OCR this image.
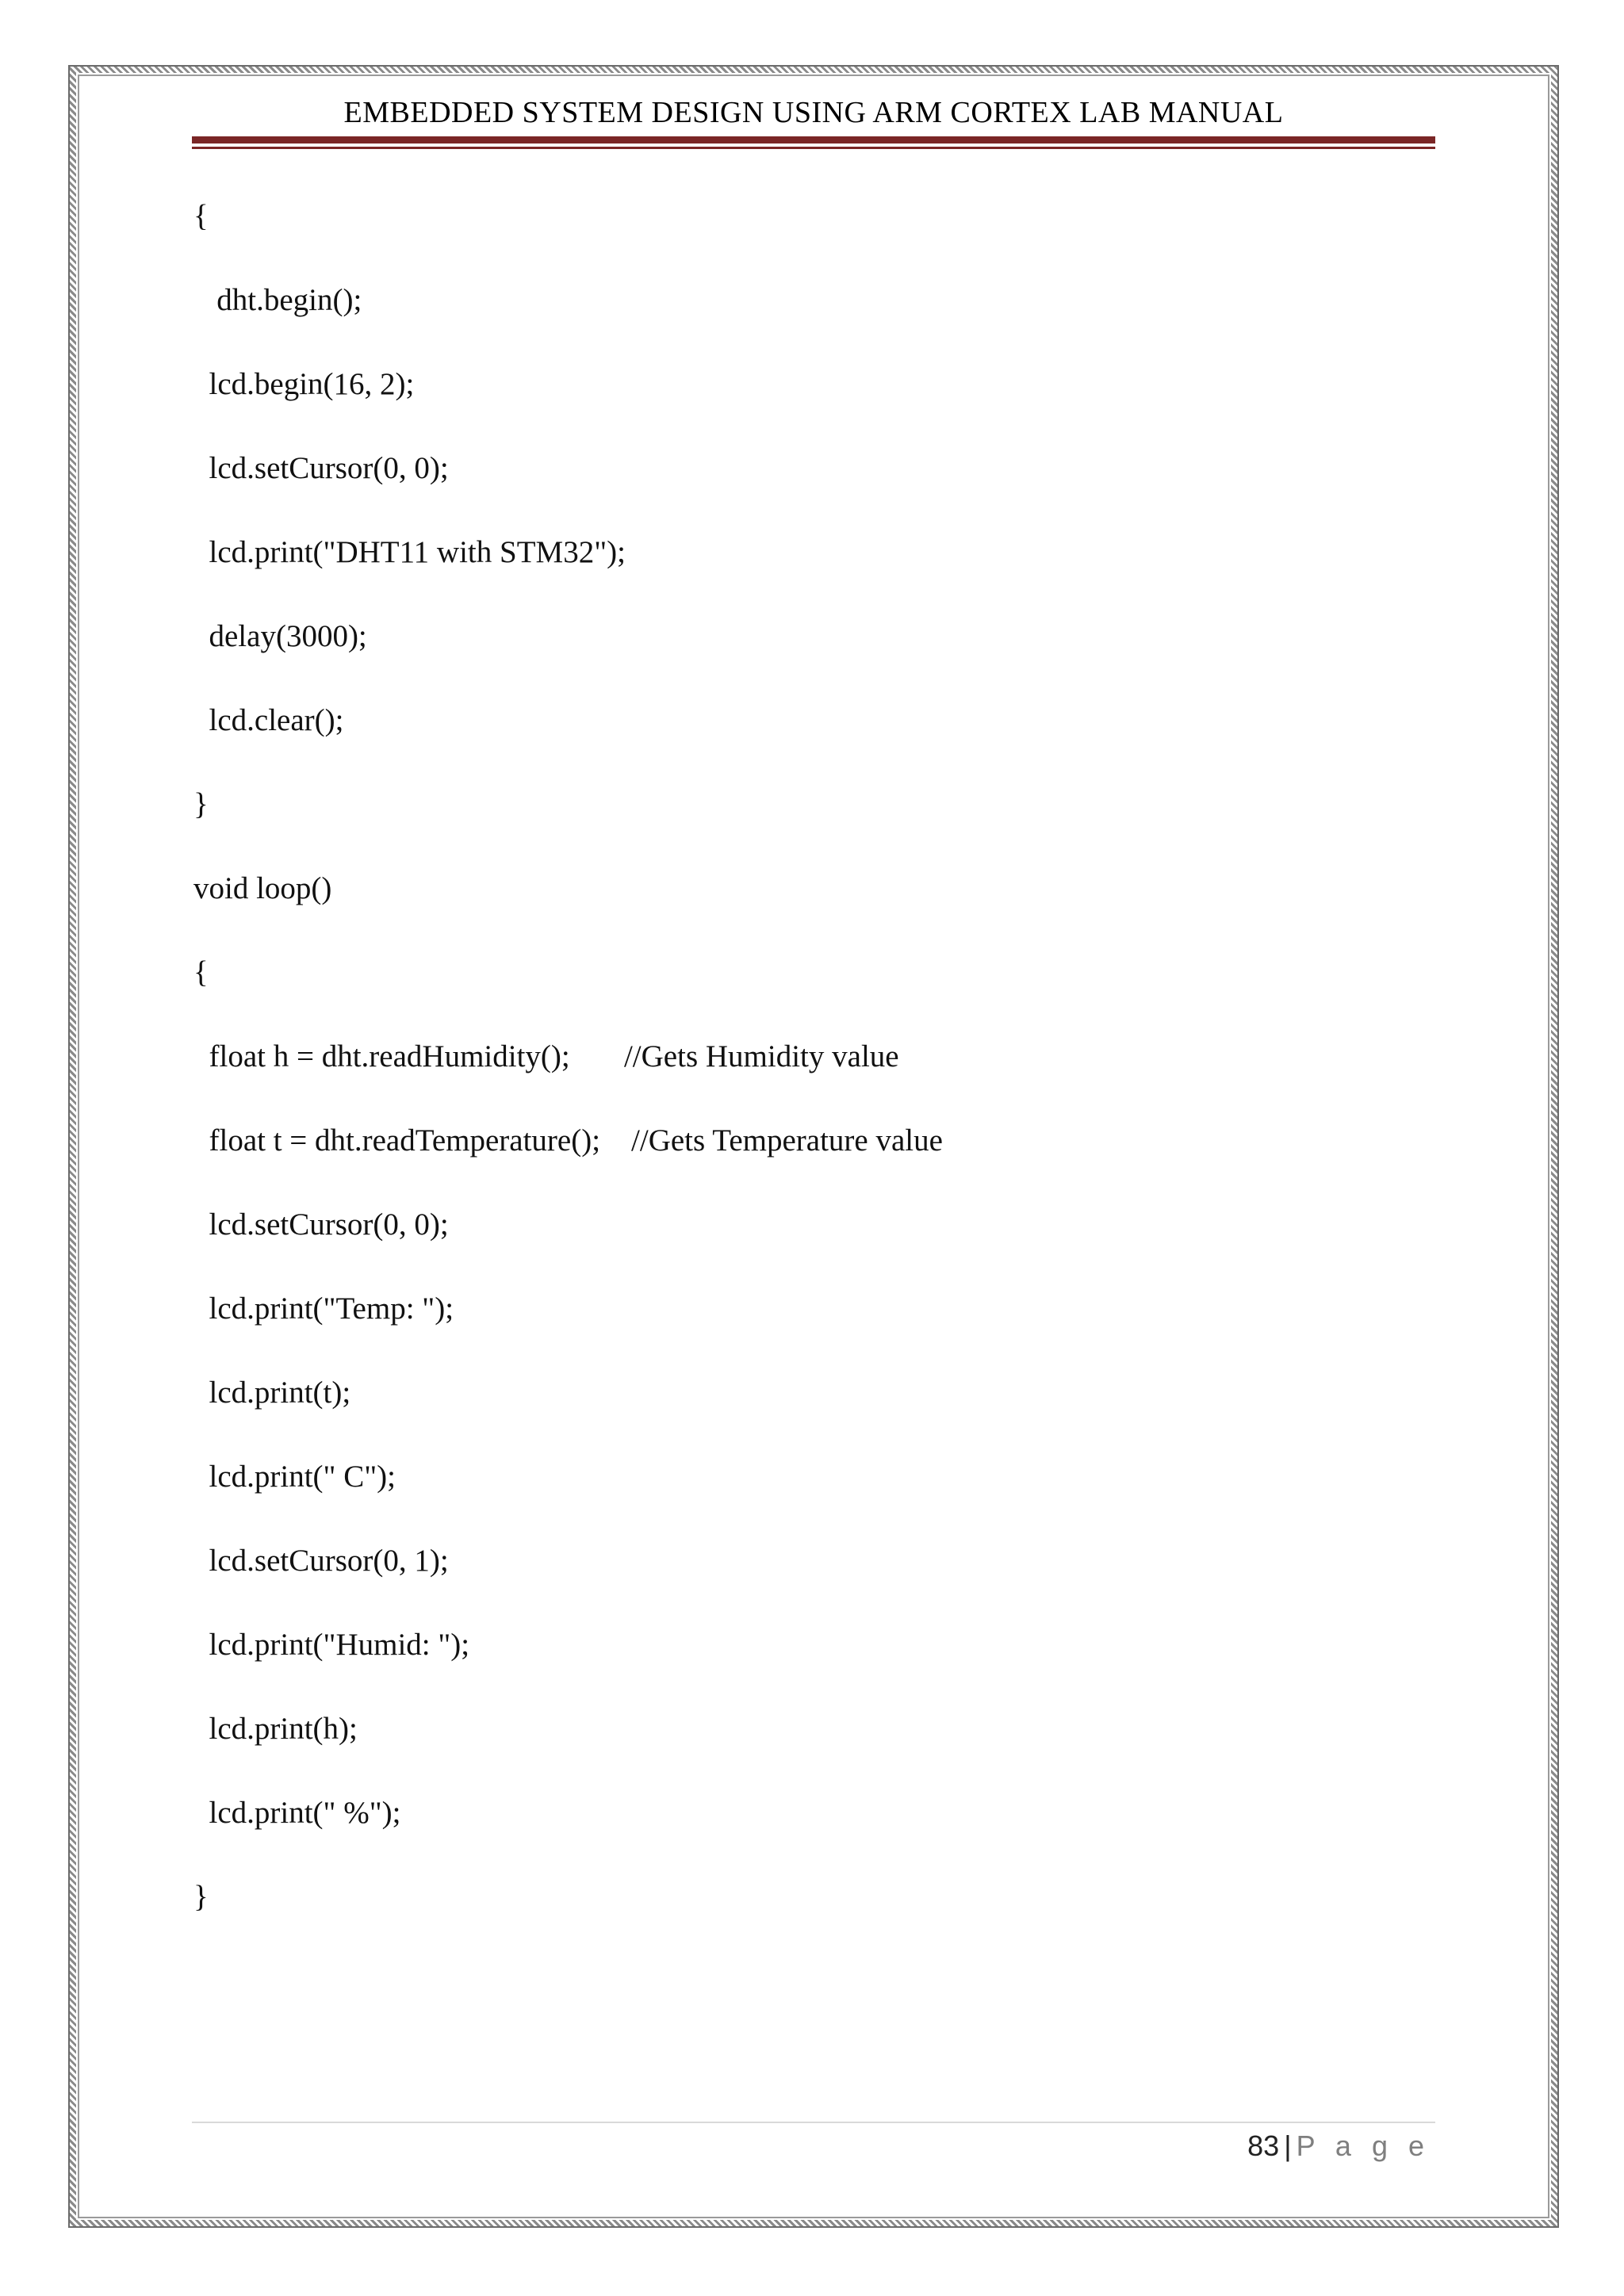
EMBEDDED SYSTEM DESIGN USING ARM CORTEX LAB MANUAL
{
dht.begin();
lcd.begin(16, 2);
lcd.setCursor(0, 0);
lcd.print("DHT11 with STM32");
delay(3000);
lcd.clear();
}
void loop()
{
float h = dht.readHumidity();       //Gets Humidity value
float t = dht.readTemperature();    //Gets Temperature value
lcd.setCursor(0, 0);
lcd.print("Temp: ");
lcd.print(t);
lcd.print(" C");
lcd.setCursor(0, 1);
lcd.print("Humid: ");
lcd.print(h);
lcd.print(" %");
}
83 | P a g e
